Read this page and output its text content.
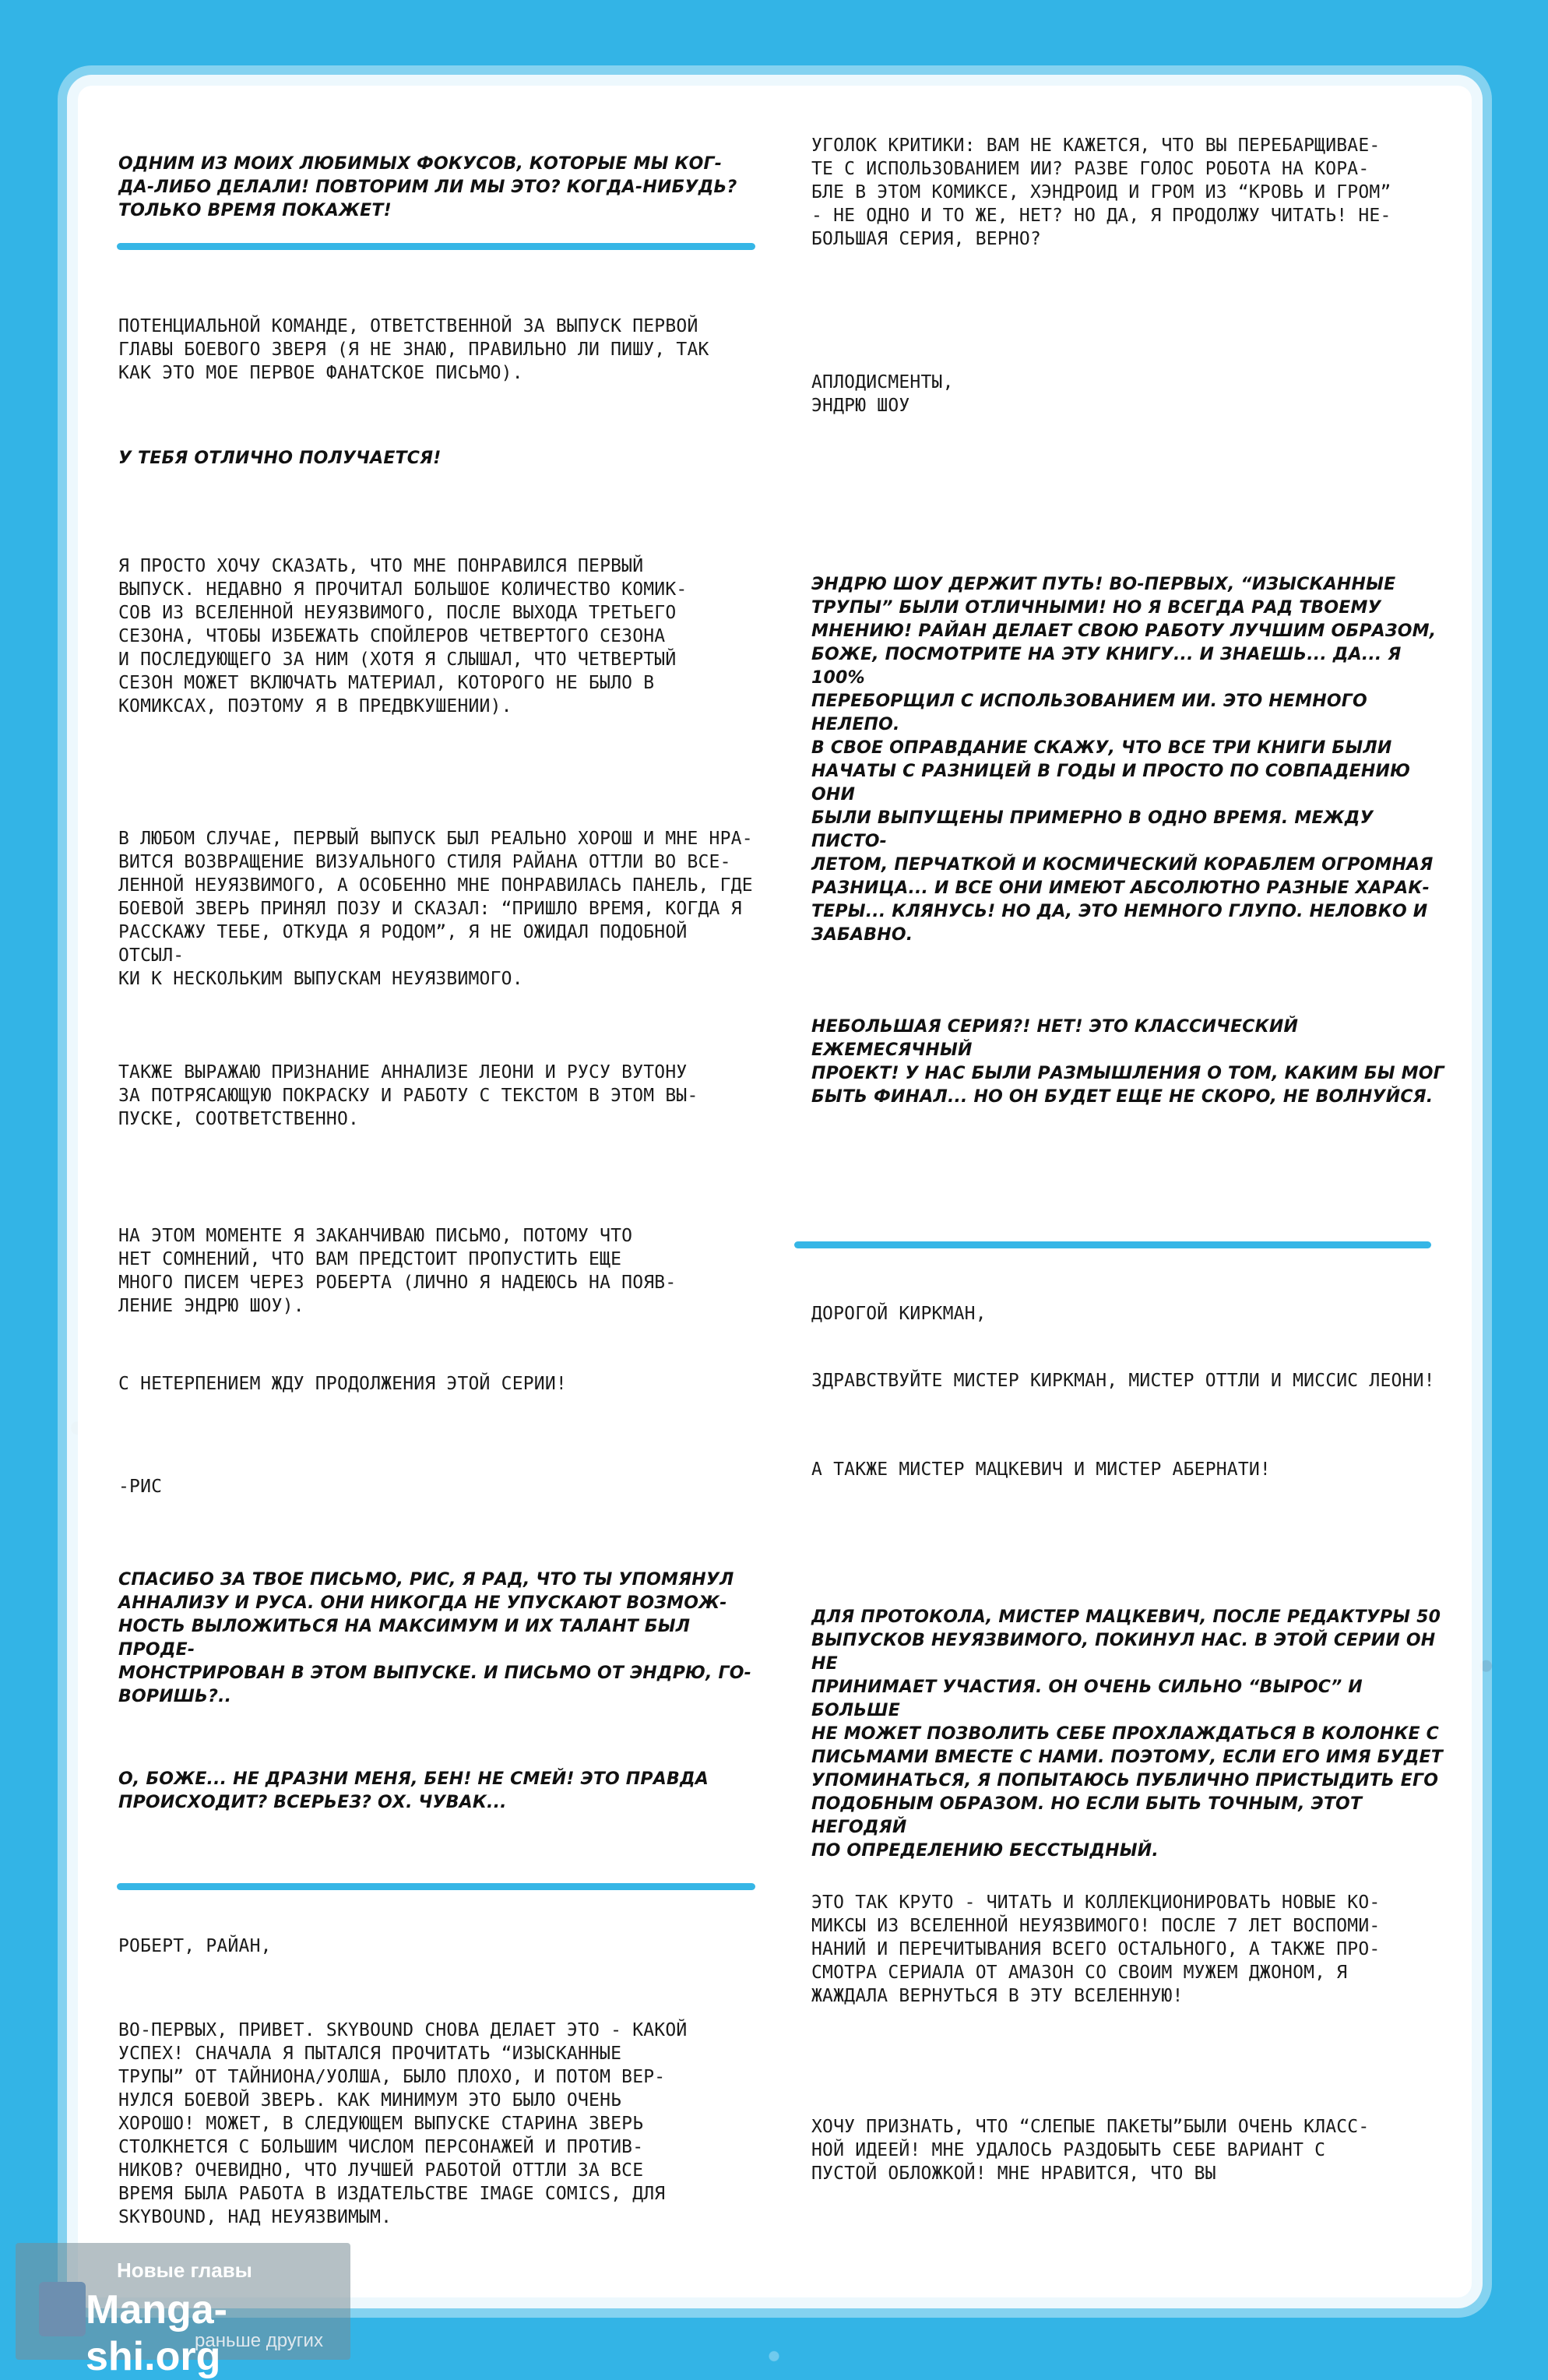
ОДНИМ ИЗ МОИХ ЛЮБИМЫХ ФОКУСОВ, КОТОРЫЕ МЫ КОГ-
ДА-ЛИБО ДЕЛАЛИ! ПОВТОРИМ ЛИ МЫ ЭТО? КОГДА-НИБУДЬ?
ТОЛЬКО ВРЕМЯ ПОКАЖЕТ!

ПОТЕНЦИАЛЬНОЙ КОМАНДЕ, ОТВЕТСТВЕННОЙ ЗА ВЫПУСК ПЕРВОЙ
ГЛАВЫ БОЕВОГО ЗВЕРЯ (Я НЕ ЗНАЮ, ПРАВИЛЬНО ЛИ ПИШУ, ТАК
КАК ЭТО МОЕ ПЕРВОЕ ФАНАТСКОЕ ПИСЬМО).

У ТЕБЯ ОТЛИЧНО ПОЛУЧАЕТСЯ!

Я ПРОСТО ХОЧУ СКАЗАТЬ, ЧТО МНЕ ПОНРАВИЛСЯ ПЕРВЫЙ
ВЫПУСК. НЕДАВНО Я ПРОЧИТАЛ БОЛЬШОЕ КОЛИЧЕСТВО КОМИК-
СОВ ИЗ ВСЕЛЕННОЙ НЕУЯЗВИМОГО, ПОСЛЕ ВЫХОДА ТРЕТЬЕГО
СЕЗОНА, ЧТОБЫ ИЗБЕЖАТЬ СПОЙЛЕРОВ ЧЕТВЕРТОГО СЕЗОНА
И ПОСЛЕДУЮЩЕГО ЗА НИМ (ХОТЯ Я СЛЫШАЛ, ЧТО ЧЕТВЕРТЫЙ
СЕЗОН МОЖЕТ ВКЛЮЧАТЬ МАТЕРИАЛ, КОТОРОГО НЕ БЫЛО В
КОМИКСАХ, ПОЭТОМУ Я В ПРЕДВКУШЕНИИ).

В ЛЮБОМ СЛУЧАЕ, ПЕРВЫЙ ВЫПУСК БЫЛ РЕАЛЬНО ХОРОШ И МНЕ НРА-
ВИТСЯ ВОЗВРАЩЕНИЕ ВИЗУАЛЬНОГО СТИЛЯ РАЙАНА ОТТЛИ ВО ВСЕ-
ЛЕННОЙ НЕУЯЗВИМОГО, А ОСОБЕННО МНЕ ПОНРАВИЛАСЬ ПАНЕЛЬ, ГДЕ
БОЕВОЙ ЗВЕРЬ ПРИНЯЛ ПОЗУ И СКАЗАЛ: “ПРИШЛО ВРЕМЯ, КОГДА Я
РАССКАЖУ ТЕБЕ, ОТКУДА Я РОДОМ”, Я НЕ ОЖИДАЛ ПОДОБНОЙ ОТСЫЛ-
КИ К НЕСКОЛЬКИМ ВЫПУСКАМ НЕУЯЗВИМОГО.

ТАКЖЕ ВЫРАЖАЮ ПРИЗНАНИЕ АННАЛИЗЕ ЛЕОНИ И РУСУ ВУТОНУ
ЗА ПОТРЯСАЮЩУЮ ПОКРАСКУ И РАБОТУ С ТЕКСТОМ В ЭТОМ ВЫ-
ПУСКЕ, СООТВЕТСТВЕННО.

НА ЭТОМ МОМЕНТЕ Я ЗАКАНЧИВАЮ ПИСЬМО, ПОТОМУ ЧТО
НЕТ СОМНЕНИЙ, ЧТО ВАМ ПРЕДСТОИТ ПРОПУСТИТЬ ЕЩЕ
МНОГО ПИСЕМ ЧЕРЕЗ РОБЕРТА (ЛИЧНО Я НАДЕЮСЬ НА ПОЯВ-
ЛЕНИЕ ЭНДРЮ ШОУ).

С НЕТЕРПЕНИЕМ ЖДУ ПРОДОЛЖЕНИЯ ЭТОЙ СЕРИИ!

-РИС

СПАСИБО ЗА ТВОЕ ПИСЬМО, РИС, Я РАД, ЧТО ТЫ УПОМЯНУЛ
АННАЛИЗУ И РУСА. ОНИ НИКОГДА НЕ УПУСКАЮТ ВОЗМОЖ-
НОСТЬ ВЫЛОЖИТЬСЯ НА МАКСИМУМ И ИХ ТАЛАНТ БЫЛ ПРОДЕ-
МОНСТРИРОВАН В ЭТОМ ВЫПУСКЕ. И ПИСЬМО ОТ ЭНДРЮ, ГО-
ВОРИШЬ?..

О, БОЖЕ... НЕ ДРАЗНИ МЕНЯ, БЕН! НЕ СМЕЙ! ЭТО ПРАВДА
ПРОИСХОДИТ? ВСЕРЬЕЗ? ОХ. ЧУВАК...

РОБЕРТ, РАЙАН,

ВО-ПЕРВЫХ, ПРИВЕТ. SKYBOUND СНОВА ДЕЛАЕТ ЭТО - КАКОЙ
УСПЕХ! СНАЧАЛА Я ПЫТАЛСЯ ПРОЧИТАТЬ “ИЗЫСКАННЫЕ
ТРУПЫ” ОТ ТАЙНИОНА/УОЛША, БЫЛО ПЛОХО, И ПОТОМ ВЕР-
НУЛСЯ БОЕВОЙ ЗВЕРЬ. КАК МИНИМУМ ЭТО БЫЛО ОЧЕНЬ
ХОРОШО! МОЖЕТ, В СЛЕДУЮЩЕМ ВЫПУСКЕ СТАРИНА ЗВЕРЬ
СТОЛКНЕТСЯ С БОЛЬШИМ ЧИСЛОМ ПЕРСОНАЖЕЙ И ПРОТИВ-
НИКОВ? ОЧЕВИДНО, ЧТО ЛУЧШЕЙ РАБОТОЙ ОТТЛИ ЗА ВСЕ
ВРЕМЯ БЫЛА РАБОТА В ИЗДАТЕЛЬСТВЕ IMAGE COMICS, ДЛЯ
SKYBOUND, НАД НЕУЯЗВИМЫМ.

УГОЛОК КРИТИКИ: ВАМ НЕ КАЖЕТСЯ, ЧТО ВЫ ПЕРЕБАРЩИВАЕ-
ТЕ С ИСПОЛЬЗОВАНИЕМ ИИ? РАЗВЕ ГОЛОС РОБОТА НА КОРА-
БЛЕ В ЭТОМ КОМИКСЕ, ХЭНДРОИД И ГРОМ ИЗ “КРОВЬ И ГРОМ”
- НЕ ОДНО И ТО ЖЕ, НЕТ? НО ДА, Я ПРОДОЛЖУ ЧИТАТЬ! НЕ-
БОЛЬШАЯ СЕРИЯ, ВЕРНО?

АПЛОДИСМЕНТЫ,
ЭНДРЮ ШОУ

ЭНДРЮ ШОУ ДЕРЖИТ ПУТЬ! ВО-ПЕРВЫХ, “ИЗЫСКАННЫЕ
ТРУПЫ” БЫЛИ ОТЛИЧНЫМИ! НО Я ВСЕГДА РАД ТВОЕМУ
МНЕНИЮ! РАЙАН ДЕЛАЕТ СВОЮ РАБОТУ ЛУЧШИМ ОБРАЗОМ,
БОЖЕ, ПОСМОТРИТЕ НА ЭТУ КНИГУ... И ЗНАЕШЬ... ДА... Я 100%
ПЕРЕБОРЩИЛ С ИСПОЛЬЗОВАНИЕМ ИИ. ЭТО НЕМНОГО НЕЛЕПО.
В СВОЕ ОПРАВДАНИЕ СКАЖУ, ЧТО ВСЕ ТРИ КНИГИ БЫЛИ
НАЧАТЫ С РАЗНИЦЕЙ В ГОДЫ И ПРОСТО ПО СОВПАДЕНИЮ ОНИ
БЫЛИ ВЫПУЩЕНЫ ПРИМЕРНО В ОДНО ВРЕМЯ. МЕЖДУ ПИСТО-
ЛЕТОМ, ПЕРЧАТКОЙ И КОСМИЧЕСКИЙ КОРАБЛЕМ ОГРОМНАЯ
РАЗНИЦА... И ВСЕ ОНИ ИМЕЮТ АБСОЛЮТНО РАЗНЫЕ ХАРАК-
ТЕРЫ... КЛЯНУСЬ! НО ДА, ЭТО НЕМНОГО ГЛУПО. НЕЛОВКО И
ЗАБАВНО.

НЕБОЛЬШАЯ СЕРИЯ?! НЕТ! ЭТО КЛАССИЧЕСКИЙ ЕЖЕМЕСЯЧНЫЙ
ПРОЕКТ! У НАС БЫЛИ РАЗМЫШЛЕНИЯ О ТОМ, КАКИМ БЫ МОГ
БЫТЬ ФИНАЛ... НО ОН БУДЕТ ЕЩЕ НЕ СКОРО, НЕ ВОЛНУЙСЯ.

ДОРОГОЙ КИРКМАН,

ЗДРАВСТВУЙТЕ МИСТЕР КИРКМАН, МИСТЕР ОТТЛИ И МИССИС ЛЕОНИ!

А ТАКЖЕ МИСТЕР МАЦКЕВИЧ И МИСТЕР АБЕРНАТИ!

ДЛЯ ПРОТОКОЛА, МИСТЕР МАЦКЕВИЧ, ПОСЛЕ РЕДАКТУРЫ 50
ВЫПУСКОВ НЕУЯЗВИМОГО, ПОКИНУЛ НАС. В ЭТОЙ СЕРИИ ОН НЕ
ПРИНИМАЕТ УЧАСТИЯ. ОН ОЧЕНЬ СИЛЬНО “ВЫРОС” И БОЛЬШЕ
НЕ МОЖЕТ ПОЗВОЛИТЬ СЕБЕ ПРОХЛАЖДАТЬСЯ В КОЛОНКЕ С
ПИСЬМАМИ ВМЕСТЕ С НАМИ. ПОЭТОМУ, ЕСЛИ ЕГО ИМЯ БУДЕТ
УПОМИНАТЬСЯ, Я ПОПЫТАЮСЬ ПУБЛИЧНО ПРИСТЫДИТЬ ЕГО
ПОДОБНЫМ ОБРАЗОМ. НО ЕСЛИ БЫТЬ ТОЧНЫМ, ЭТОТ НЕГОДЯЙ
ПО ОПРЕДЕЛЕНИЮ БЕССТЫДНЫЙ.

ЭТО ТАК КРУТО - ЧИТАТЬ И КОЛЛЕКЦИОНИРОВАТЬ НОВЫЕ КО-
МИКСЫ ИЗ ВСЕЛЕННОЙ НЕУЯЗВИМОГО! ПОСЛЕ 7 ЛЕТ ВОСПОМИ-
НАНИЙ И ПЕРЕЧИТЫВАНИЯ ВСЕГО ОСТАЛЬНОГО, А ТАКЖЕ ПРО-
СМОТРА СЕРИАЛА ОТ АМАЗОН СО СВОИМ МУЖЕМ ДЖОНОМ, Я
ЖАЖДАЛА ВЕРНУТЬСЯ В ЭТУ ВСЕЛЕННУЮ!

ХОЧУ ПРИЗНАТЬ, ЧТО “СЛЕПЫЕ ПАКЕТЫ”БЫЛИ ОЧЕНЬ КЛАСС-
НОЙ ИДЕЕЙ! МНЕ УДАЛОСЬ РАЗДОБЫТЬ СЕБЕ ВАРИАНТ С
ПУСТОЙ ОБЛОЖКОЙ! МНЕ НРАВИТСЯ, ЧТО ВЫ

Новые главы
Manga-shi.org
раньше других
